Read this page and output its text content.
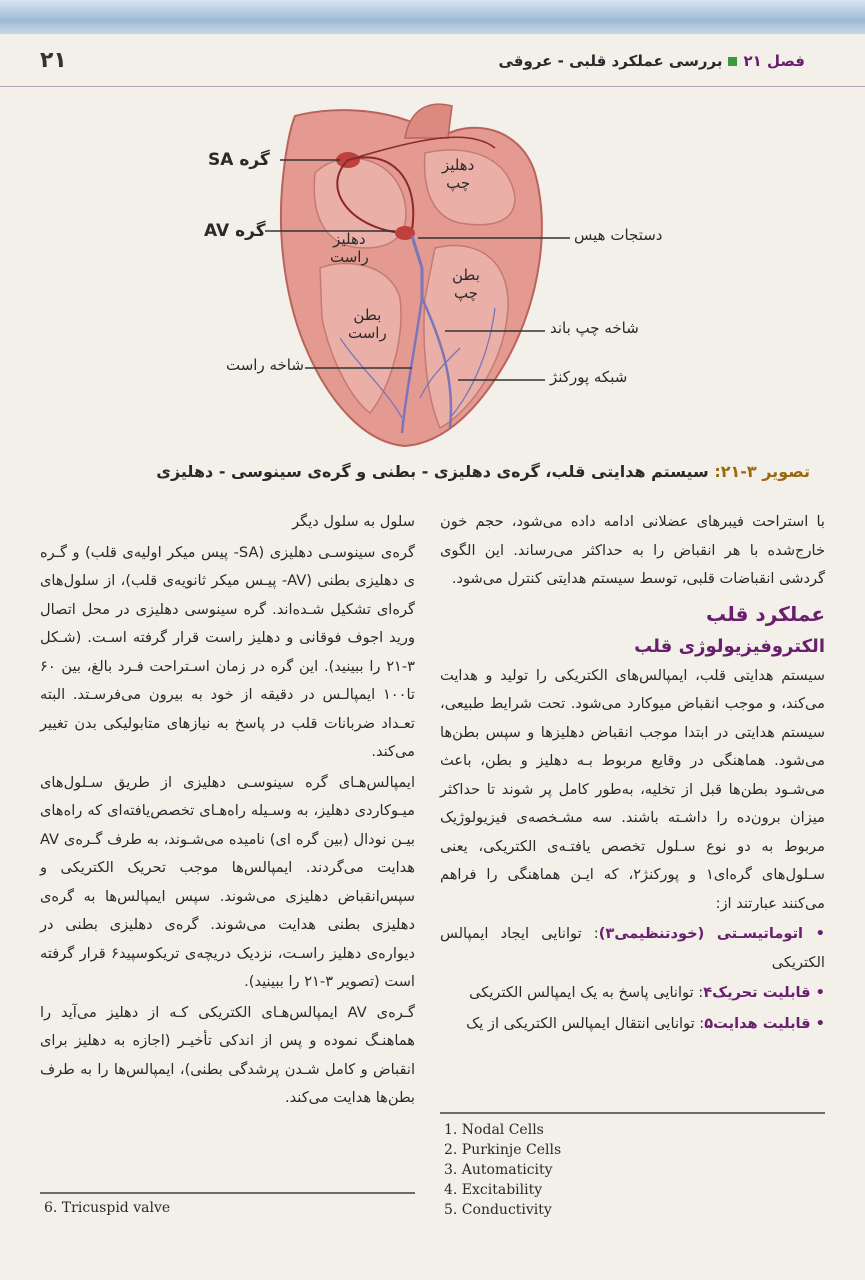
۲۱	فصل ۲۱بررسی عملکرد قلبی - عروقی
گره SA
گره AV
دهلیز
چپ
دهلیز
راست
بطن
چپ
بطن
راست
دستجات هیس
شاخه چپ باند
شبکه پورکنژ
شاخه راست
تصویر ۳-۲۱: سیستم هدایتی قلب، گره‌ی دهلیزی - بطنی و گره‌ی سینوسی - دهلیزی

با استراحت فیبرهای عضلانی ادامه داده می‌شود، حجم خون خارج‌شده با هر انقباض را به حداکثر می‌رساند. این الگوی گردشی انقباضات قلبی، توسط سیستم هدایتی کنترل می‌شود.

عملکرد قلب
الکتروفیزیولوژی قلب

سیستم هدایتی قلب، ایمپالس‌های الکتریکی را تولید و هدایت می‌کند، و موجب انقباض میوکارد می‌شود. تحت شرایط طبیعی، سیستم هدایتی در ابتدا موجب انقباض دهلیزها و سپس بطن‌ها می‌شود. هماهنگی در وقایع مربوط بـه دهلیز و بطن، باعث می‌شـود بطن‌ها قبل از تخلیه، به‌طور کامل پر شوند تا حداکثر میزان برون‌ده را داشـته باشند. سه مشـخصه‌ی فیزیولوژیک مربوط به دو نوع سـلول تخصص یافتـه‌ی الکتریکی، یعنی سـلول‌های گره‌ای۱ و پورکنژ۲، که ایـن هماهنگی را فراهم می‌کنند عبارتند از:

• اتوماتیسـتی (خودتنظیمی۳): توانایی ایجاد ایمپالس الکتریکی

• قابلیت تحریک۴: توانایی پاسخ به یک ایمپالس الکتریکی

• قابلیت هدایت۵: توانایی انتقال ایمپالس الکتریکی از یک

سلول به سلول دیگر

گره‌ی سینوسـی دهلیزی (SA- پیس میکر اولیه‌ی قلب) و گـره ی دهلیزی بطنی (AV- پیـس میکر ثانویه‌ی قلب)، از سلول‌های گره‌ای تشکیل شـده‌اند. گره سینوسی دهلیزی در محل اتصال ورید اجوف فوقانی و دهلیز راست قرار گرفته اسـت. (شـکل ۳-۲۱ را ببینید). این گره در زمان اسـتراحت فـرد بالغ، بین ۶۰ تا۱۰۰ ایمپالـس در دقیقه از خود به بیرون می‌فرسـتد. البته تعـداد ضربانات قلب در پاسخ به نیازهای متابولیکی بدن تغییر می‌کند.

ایمپالس‌هـای گره سینوسـی دهلیزی از طریق سـلول‌های میـوکاردی دهلیز، به وسـیله راه‌هـای تخصص‌یافته‌ای که راه‌های بیـن نودال (بین گره ای) نامیده می‌شـوند، به طرف گـره‌ی AV هدایت می‌گردند. ایمپالس‌ها موجب تحریک الکتریکی و سپس‌انقباض دهلیزی می‌شوند. سپس ایمپالس‌ها به گره‌ی دهلیزی بطنی هدایت می‌شوند. گره‌ی دهلیزی بطنی در دیواره‌ی دهلیز راسـت، نزدیک دریچه‌ی تریکوسپید۶ قرار گرفته است (تصویر ۳-۲۱ را ببینید).

گـره‌ی AV ایمپالس‌هـای الکتریکی کـه از دهلیز می‌آید را هماهنـگ نموده و پس از اندکی تأخیـر (اجازه به دهلیز برای انقباض و کامل شـدن پرشدگی بطنی)، ایمپالس‌ها را به طرف بطن‌ها هدایت می‌کند.

1. Nodal Cells
2. Purkinje Cells
3. Automaticity
4. Excitability
5. Conductivity
6. Tricuspid valve
